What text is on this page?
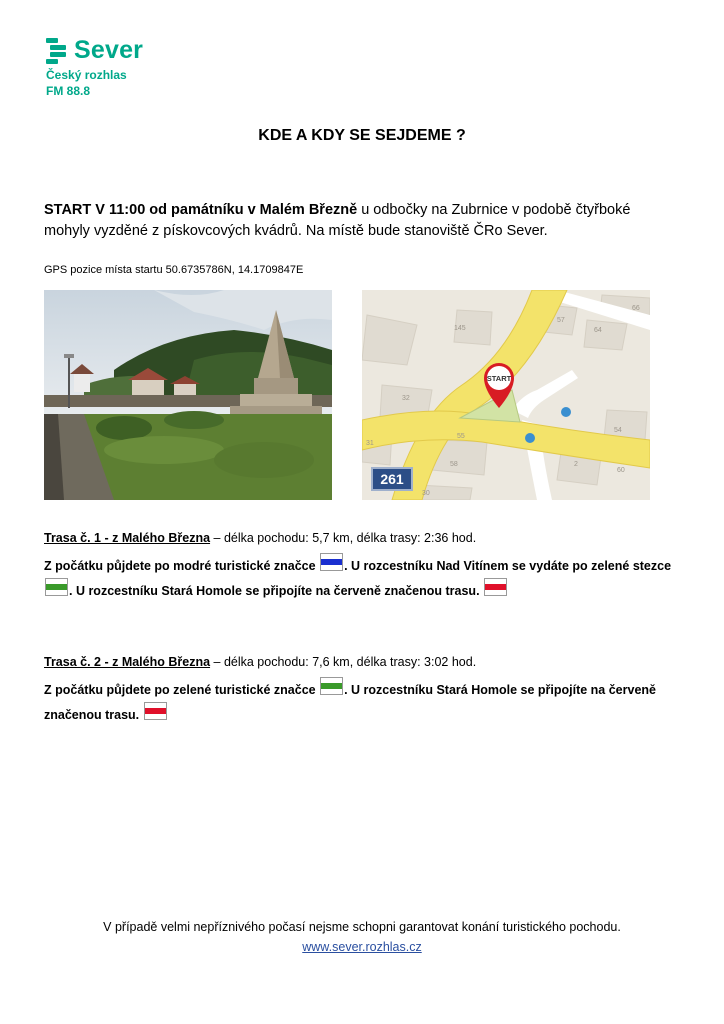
Sever
Český rozhlas
FM 88.8
KDE A KDY SE SEJDEME ?
START V 11:00 od památníku v Malém Březně u odbočky na Zubrnice v podobě čtyřboké mohyly vyzděné z pískovcových kvádrů. Na místě bude stanoviště ČRo Sever.
GPS pozice místa startu 50.6735786N, 14.1709847E
261
START
145
57
64
66
32
54
31
55
58	2
60
30
Trasa č. 1 - z Malého Března – délka pochodu: 5,7 km, délka trasy: 2:36 hod.
Z počátku půjdete po modré turistické značce
. U rozcestníku Nad Vitínem se vydáte po zelené stezce
. U rozcestníku Stará Homole se připojíte na červeně značenou trasu.
Trasa č. 2 - z Malého Března – délka pochodu: 7,6 km, délka trasy: 3:02 hod.
Z počátku půjdete po zelené turistické značce
. U rozcestníku Stará Homole se připojíte na červeně
značenou trasu.
V případě velmi nepříznivého počasí nejsme schopni garantovat konání turistického pochodu.
www.sever.rozhlas.cz
